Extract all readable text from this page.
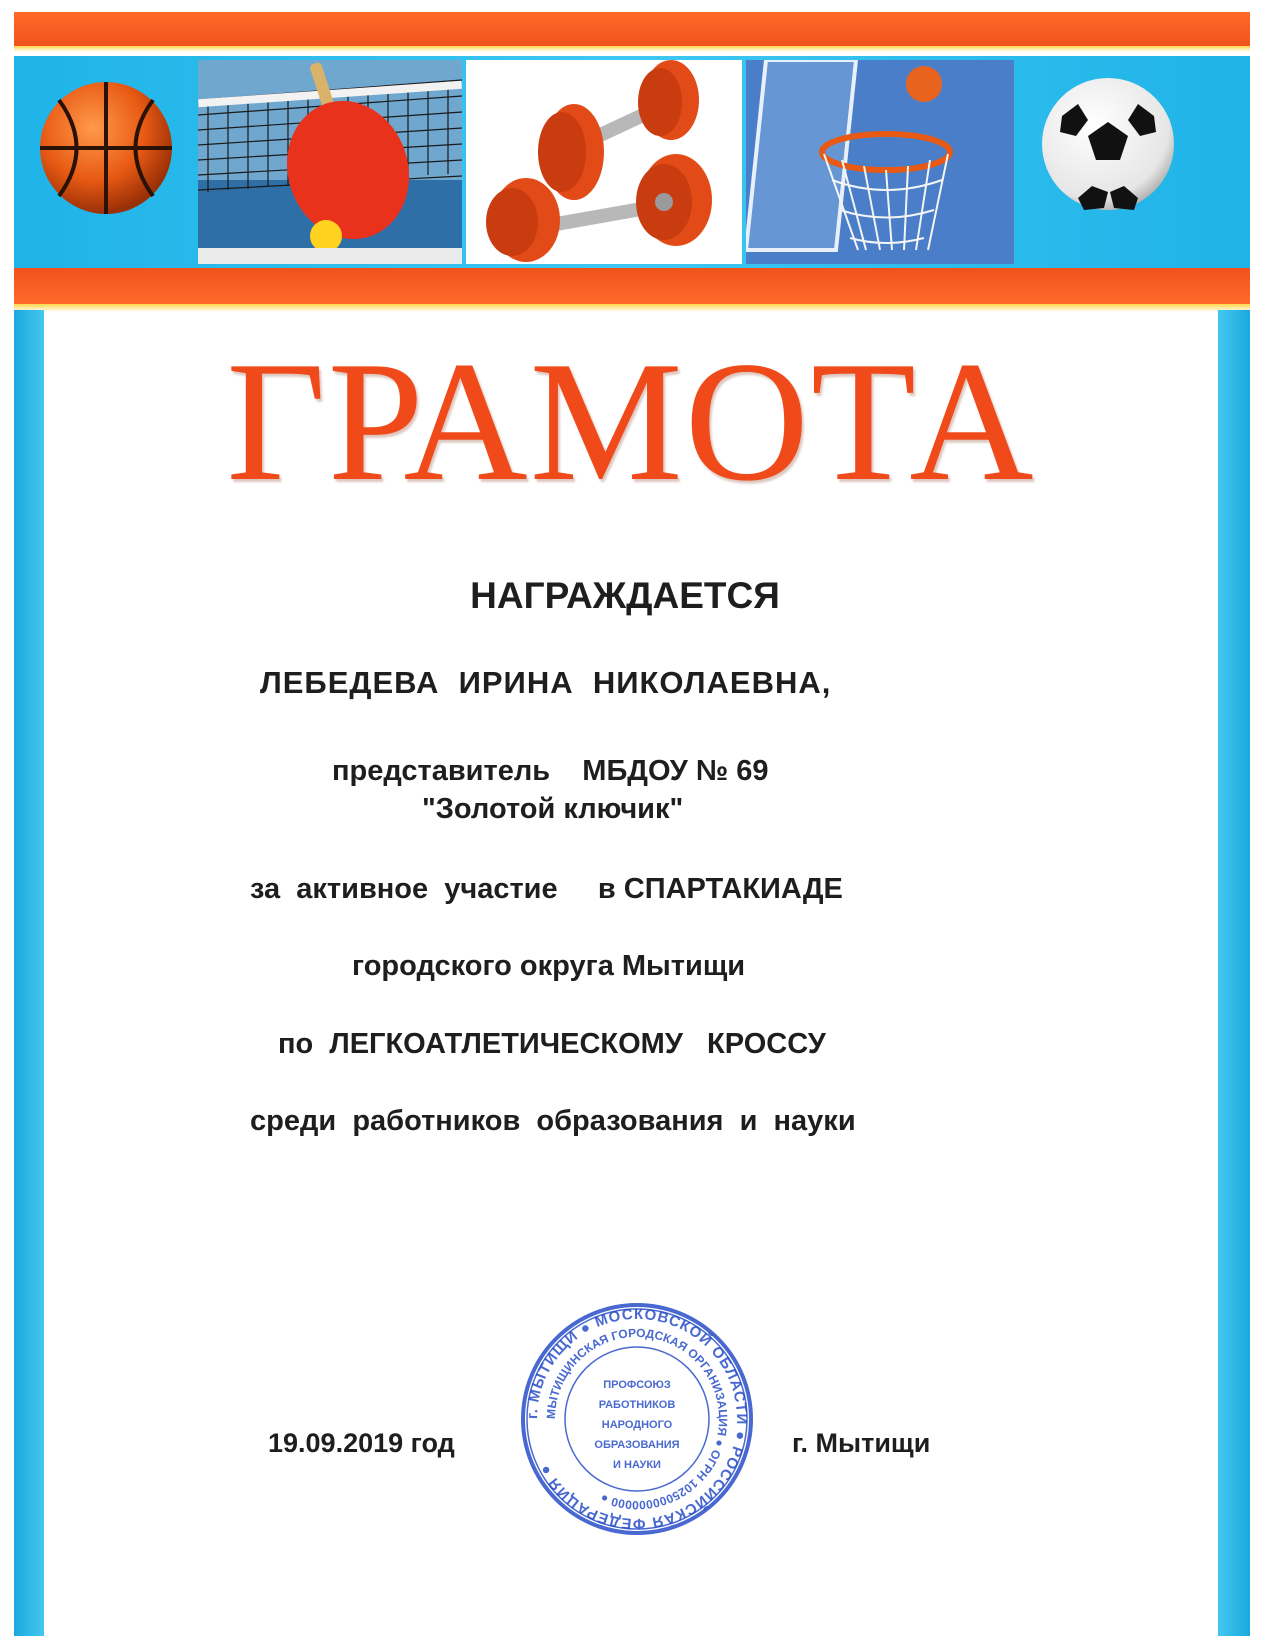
ГРАМОТА
НАГРАЖДАЕТСЯ
ЛЕБЕДЕВА  ИРИНА  НИКОЛАЕВНА,
представитель    МБДОУ № 69
"Золотой ключик"
за  активное  участие     в СПАРТАКИАДЕ
городского округа Мытищи
по  ЛЕГКОАТЛЕТИЧЕСКОМУ   КРОССУ
среди  работников  образования  и  науки
19.09.2019 год	г. Мытищи
г. МЫТИЩИ ● МОСКОВСКОЙ ОБЛАСТИ ● РОССИЙСКАЯ ФЕДЕРАЦИЯ ●
МЫТИЩИНСКАЯ ГОРОДСКАЯ ОРГАНИЗАЦИЯ ● ОГРН 1025000000000 ●
ПРОФСОЮЗ
РАБОТНИКОВ
НАРОДНОГО
ОБРАЗОВАНИЯ
И НАУКИ
